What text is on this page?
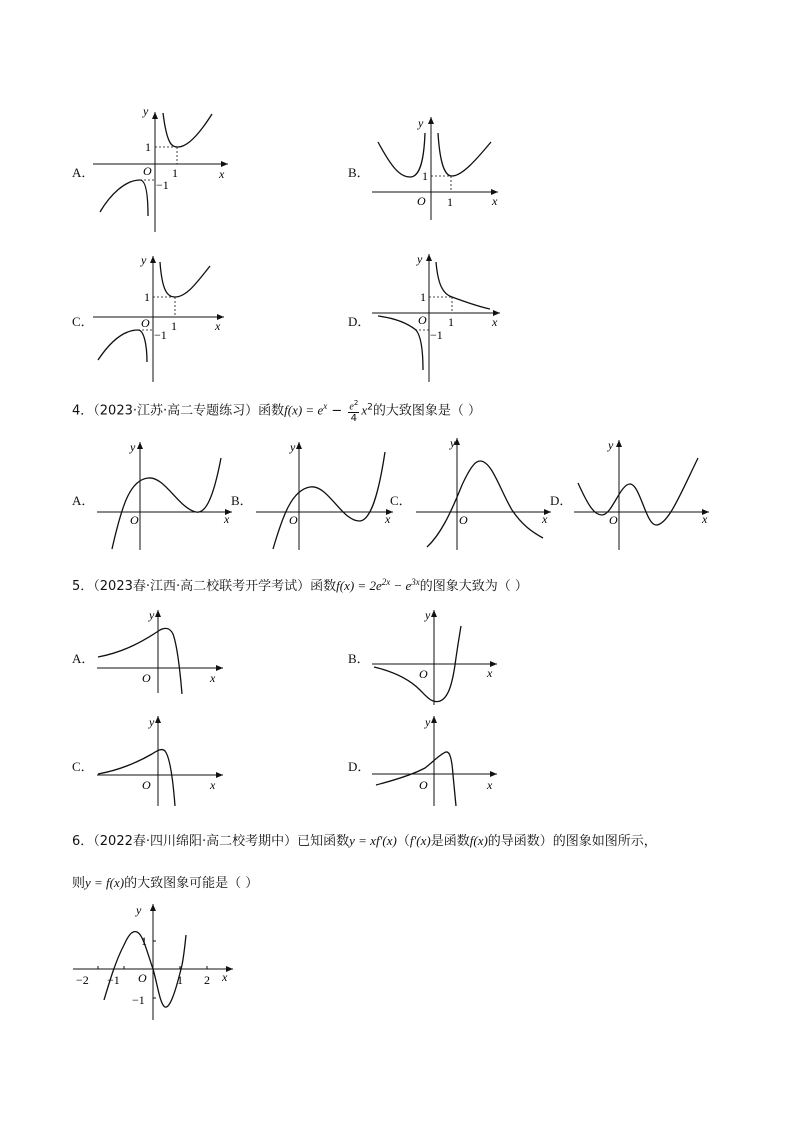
A．
y
x
O
1
1
−1
B．
y
x
O
1
1
C．
y
x
O
1
1
−1
D．
y
x
O
1
1
−1
4．（2023·江苏·高二专题练习）函数$f(x) = e^x - \frac{e^2}{4} x^2$的大致图象是（ ）
A．
y
x
O
B．
y
x
O
C．
y
x
O
D．
y
x
O
5．（2023春·江西·高二校联考开学考试）函数$f(x) = 2e^{2x} - e^{3x}$的图象大致为（ ）
A．
y
x
O
B．
y
x
O
C．
y
x
O
D．
y
x
O
6．（2022春·四川绵阳·高二校考期中）已知函数y = xf′(x)（f′(x)是函数f(x)的导函数）的图象如图所示，
则y = f(x)的大致图象可能是（ ）
y
x
O
1
−1
−2 −1	1 2
